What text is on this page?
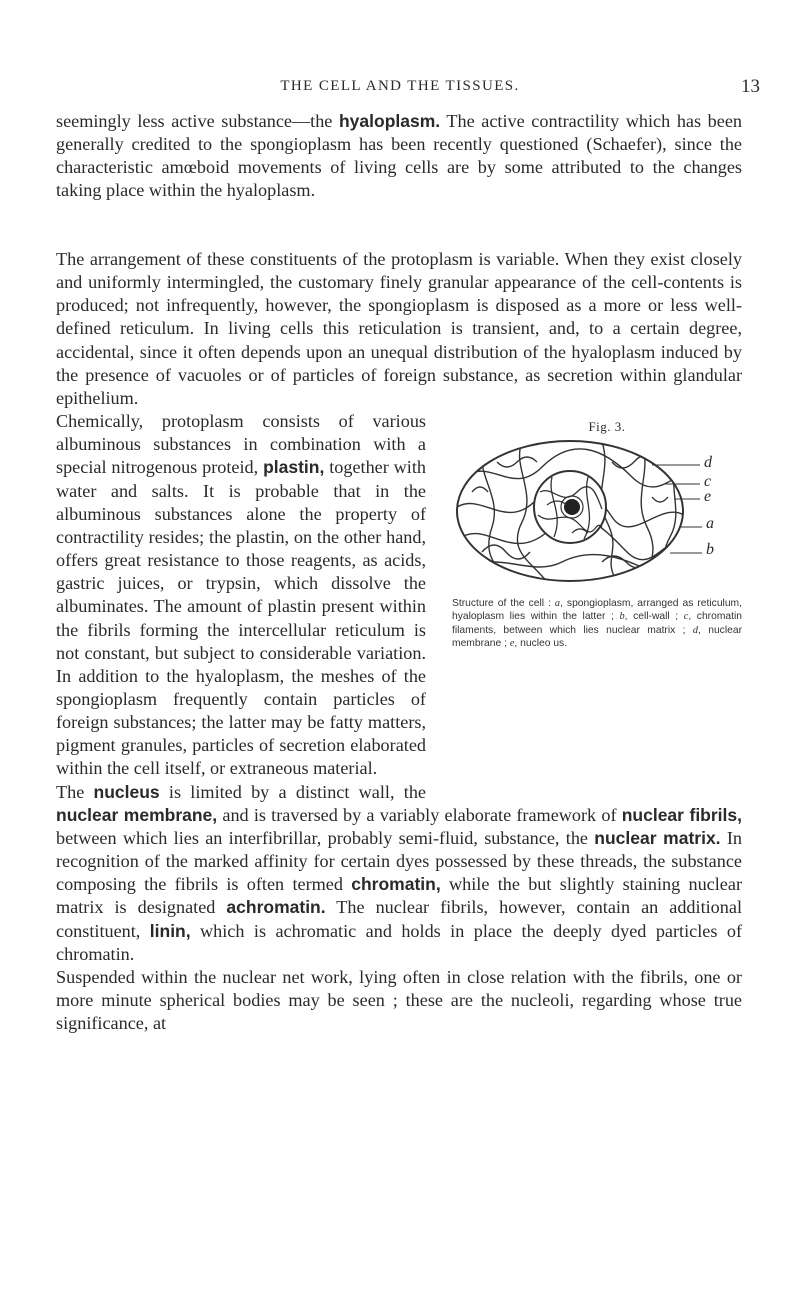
THE CELL AND THE TISSUES.	13

seemingly less active substance—the hyaloplasm. The active contractility which has been generally credited to the spongioplasm has been recently questioned (Schaefer), since the characteristic amœboid movements of living cells are by some attributed to the changes taking place within the hyaloplasm.

Fig. 3.
d
c
e
a
b
Structure of the cell : a, spongioplasm, arranged as reticulum, hyaloplasm lies within the latter ; b, cell-wall ; c, chromatin filaments, between which lies nuclear matrix ; d, nuclear membrane ; e, nucleo us.

The arrangement of these constituents of the protoplasm is variable. When they exist closely and uniformly intermingled, the customary finely granular appearance of the cell-contents is produced; not infrequently, however, the spongioplasm is disposed as a more or less well-defined reticulum. In living cells this reticulation is transient, and, to a certain degree, accidental, since it often depends upon an unequal distribution of the hyaloplasm induced by the presence of vacuoles or of particles of foreign substance, as secretion within glandular epithelium.

Chemically, protoplasm consists of various albuminous substances in combination with a special nitrogenous proteid, plastin, together with water and salts. It is probable that in the albuminous substances alone the property of contractility resides; the plastin, on the other hand, offers great resistance to those reagents, as acids, gastric juices, or trypsin, which dissolve the albuminates. The amount of plastin present within the fibrils forming the intercellular reticulum is not constant, but subject to considerable variation. In addition to the hyaloplasm, the meshes of the spongioplasm frequently contain particles of foreign substances; the latter may be fatty matters, pigment granules, particles of secretion elaborated within the cell itself, or extraneous material.

The nucleus is limited by a distinct wall, the nuclear membrane, and is traversed by a variably elaborate framework of nuclear fibrils, between which lies an interfibrillar, probably semi-fluid, substance, the nuclear matrix. In recognition of the marked affinity for certain dyes possessed by these threads, the substance composing the fibrils is often termed chromatin, while the but slightly staining nuclear matrix is designated achromatin. The nuclear fibrils, however, contain an additional constituent, linin, which is achromatic and holds in place the deeply dyed particles of chromatin.

Suspended within the nuclear net work, lying often in close relation with the fibrils, one or more minute spherical bodies may be seen ; these are the nucleoli, regarding whose true significance, at
